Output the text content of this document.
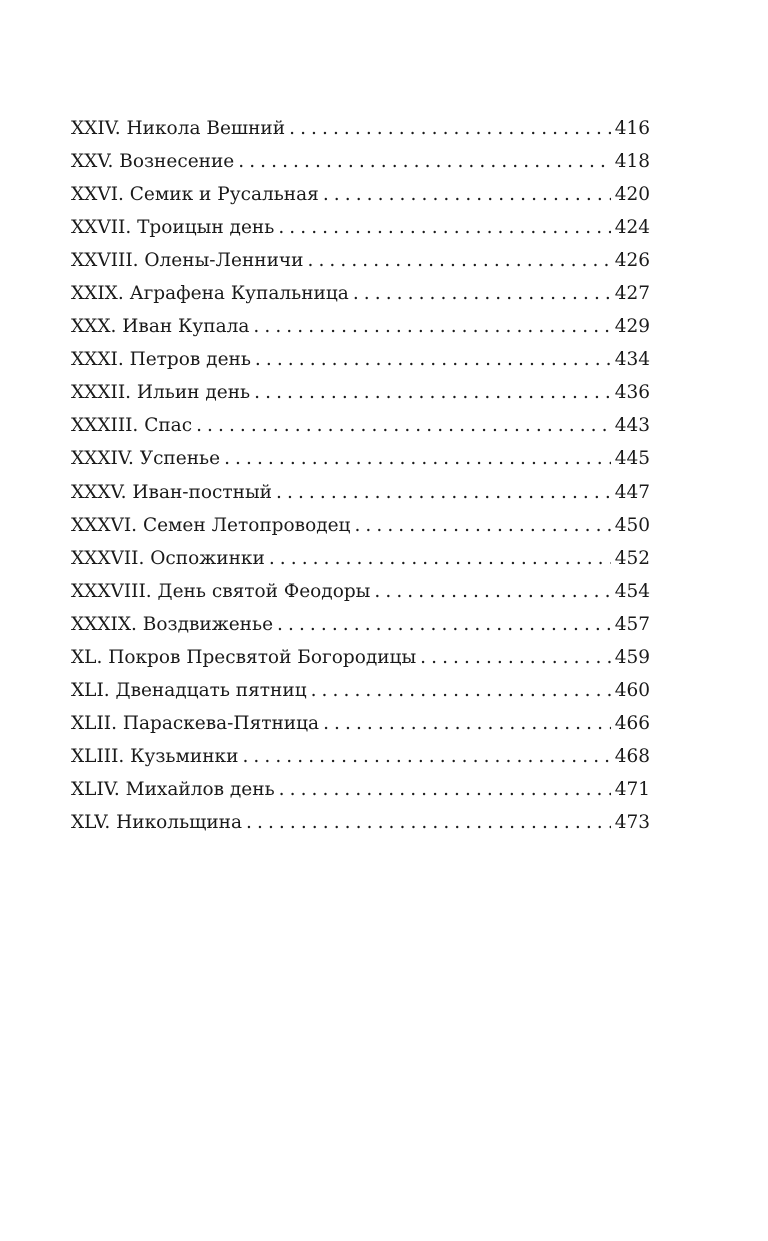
XXIV. Никола Вешний . . .	416
XXV. Вознесение . . .	418
XXVI. Семик и Русальная . . .	420
XXVII. Троицын день . . .	424
XXVIII. Олены-Ленничи . . .	426
XXIX. Аграфена Купальница . . .	427
XXX. Иван Купала . . .	429
XXXI. Петров день . . .	434
XXXII. Ильин день . . .	436
XXXIII. Спас . . .	443
XXXIV. Успенье . . .	445
XXXV. Иван-постный . . .	447
XXXVI. Семен Летопроводец . . .	450
XXXVII. Оспожинки . . .	452
XXXVIII. День святой Феодоры . . .	454
XXXIX. Воздвиженье . . .	457
XL. Покров Пресвятой Богородицы . . .	459
XLI. Двенадцать пятниц . . .	460
XLII. Параскева-Пятница . . .	466
XLIII. Кузьминки . . .	468
XLIV. Михайлов день . . .	471
XLV. Никольщина . . .	473
